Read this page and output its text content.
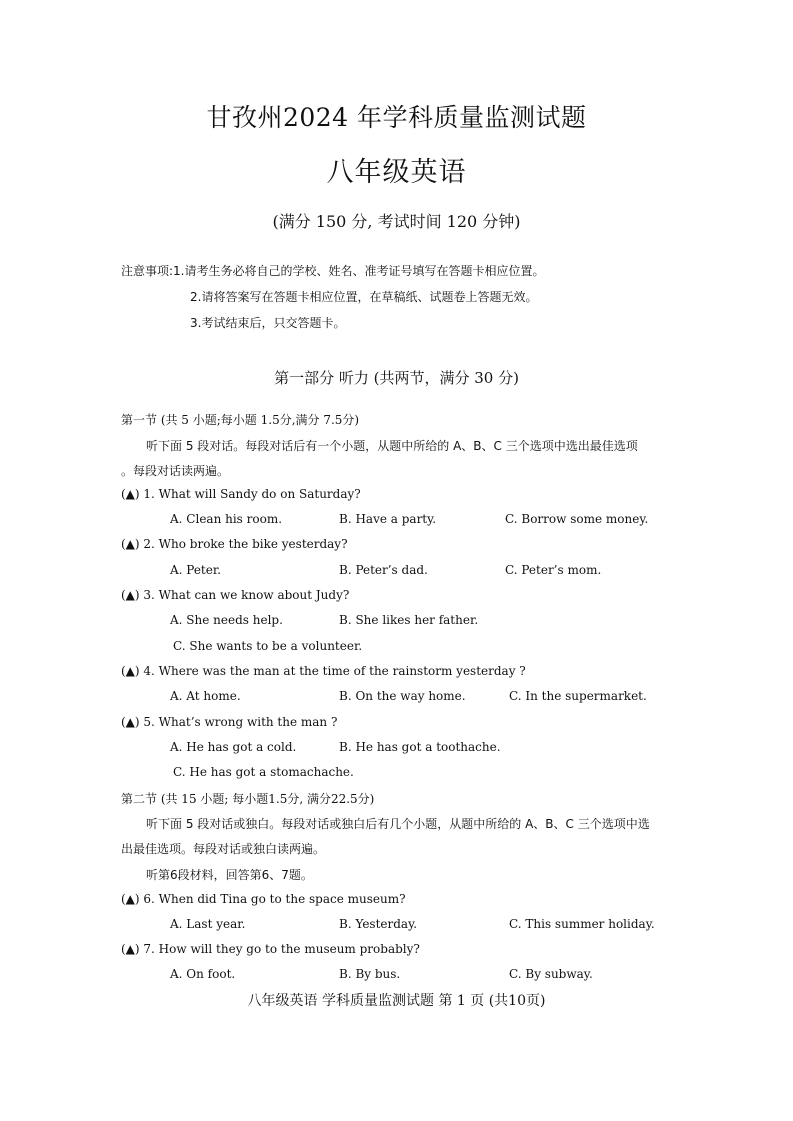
甘孜州2024 年学科质量监测试题
八年级英语
(满分 150 分, 考试时间 120 分钟)
注意事项:1.请考生务必将自己的学校、姓名、准考证号填写在答题卡相应位置。
2.请将答案写在答题卡相应位置，在草稿纸、试题卷上答题无效。
3.考试结束后，只交答题卡。
第一部分 听力 (共两节，满分 30 分)
第一节 (共 5 小题;每小题 1.5分,满分 7.5分)
听下面 5 段对话。每段对话后有一个小题，从题中所给的 A、B、C 三个选项中选出最佳选项
。每段对话读两遍。
(▲) 1. What will Sandy do on Saturday?
A. Clean his room.	B. Have a party.	C. Borrow some money.
(▲) 2. Who broke the bike yesterday?
A. Peter.	B. Peter’s dad.	C. Peter’s mom.
(▲) 3. What can we know about Judy?
A. She needs help.	B. She likes her father.
C. She wants to be a volunteer.
(▲) 4. Where was the man at the time of the rainstorm yesterday ?
A. At home.	B. On the way home.	C. In the supermarket.
(▲) 5. What’s wrong with the man ?
A. He has got a cold.	B. He has got a toothache.
C. He has got a stomachache.
第二节 (共 15 小题; 每小题1.5分, 满分22.5分)
听下面 5 段对话或独白。每段对话或独白后有几个小题，从题中所给的 A、B、C 三个选项中选
出最佳选项。每段对话或独白读两遍。
听第6段材料，回答第6、7题。
(▲) 6. When did Tina go to the space museum?
A. Last year.	B. Yesterday.	C. This summer holiday.
(▲) 7. How will they go to the museum probably?
A. On foot.	B. By bus.	C. By subway.
八年级英语 学科质量监测试题 第 1 页 (共10页)
